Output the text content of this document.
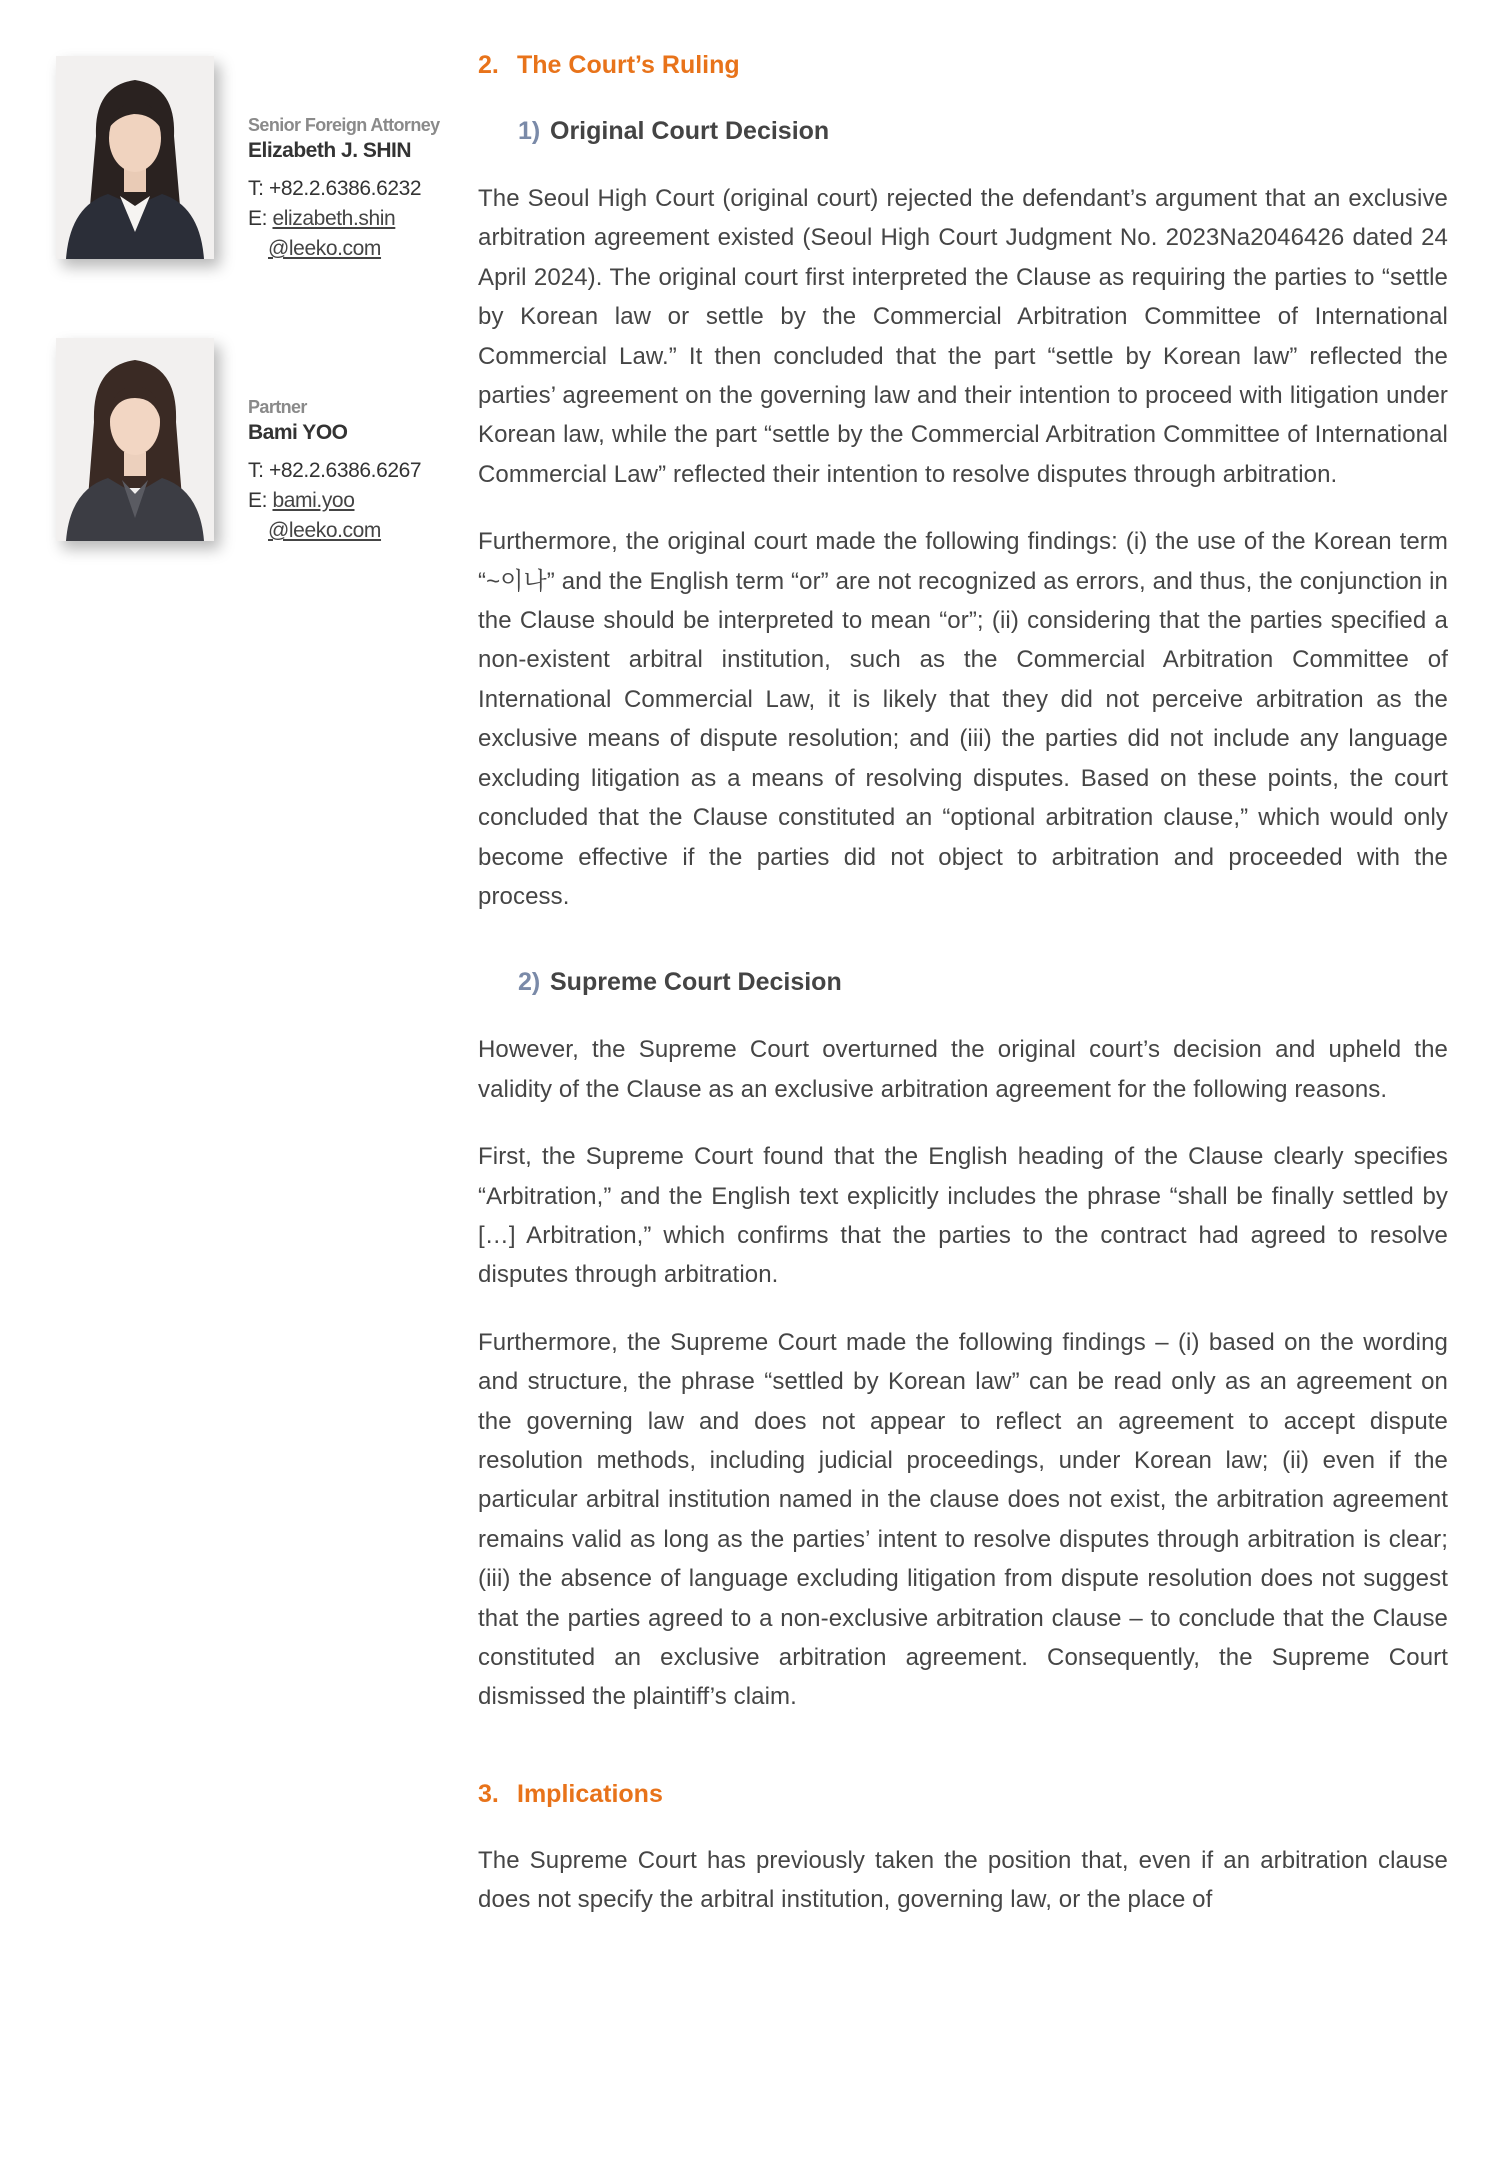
Senior Foreign Attorney
Elizabeth J. SHIN
T: +82.2.6386.6232
E: elizabeth.shin
@leeko.com
Partner
Bami YOO
T: +82.2.6386.6267
E: bami.yoo
@leeko.com
2. The Court’s Ruling
1) Original Court Decision

The Seoul High Court (original court) rejected the defendant’s argument that an exclusive arbitration agreement existed (Seoul High Court Judgment No. 2023Na2046426 dated 24 April 2024). The original court first interpreted the Clause as requiring the parties to “settle by Korean law or settle by the Commercial Arbitration Committee of International Commercial Law.” It then concluded that the part “settle by Korean law” reflected the parties’ agreement on the governing law and their intention to proceed with litigation under Korean law, while the part “settle by the Commercial Arbitration Committee of International Commercial Law” reflected their intention to resolve disputes through arbitration.

Furthermore, the original court made the following findings: (i) the use of the Korean term “~이나” and the English term “or” are not recognized as errors, and thus, the conjunction in the Clause should be interpreted to mean “or”; (ii) considering that the parties specified a non-existent arbitral institution, such as the Commercial Arbitration Committee of International Commercial Law, it is likely that they did not perceive arbitration as the exclusive means of dispute resolution; and (iii) the parties did not include any language excluding litigation as a means of resolving disputes. Based on these points, the court concluded that the Clause constituted an “optional arbitration clause,” which would only become effective if the parties did not object to arbitration and proceeded with the process.

2) Supreme Court Decision

However, the Supreme Court overturned the original court’s decision and upheld the validity of the Clause as an exclusive arbitration agreement for the following reasons.

First, the Supreme Court found that the English heading of the Clause clearly specifies “Arbitration,” and the English text explicitly includes the phrase “shall be finally settled by […] Arbitration,” which confirms that the parties to the contract had agreed to resolve disputes through arbitration.

Furthermore, the Supreme Court made the following findings – (i) based on the wording and structure, the phrase “settled by Korean law” can be read only as an agreement on the governing law and does not appear to reflect an agreement to accept dispute resolution methods, including judicial proceedings, under Korean law; (ii) even if the particular arbitral institution named in the clause does not exist, the arbitration agreement remains valid as long as the parties’ intent to resolve disputes through arbitration is clear; (iii) the absence of language excluding litigation from dispute resolution does not suggest that the parties agreed to a non-exclusive arbitration clause – to conclude that the Clause constituted an exclusive arbitration agreement. Consequently, the Supreme Court dismissed the plaintiff’s claim.

3. Implications

The Supreme Court has previously taken the position that, even if an arbitration clause does not specify the arbitral institution, governing law, or the place of
